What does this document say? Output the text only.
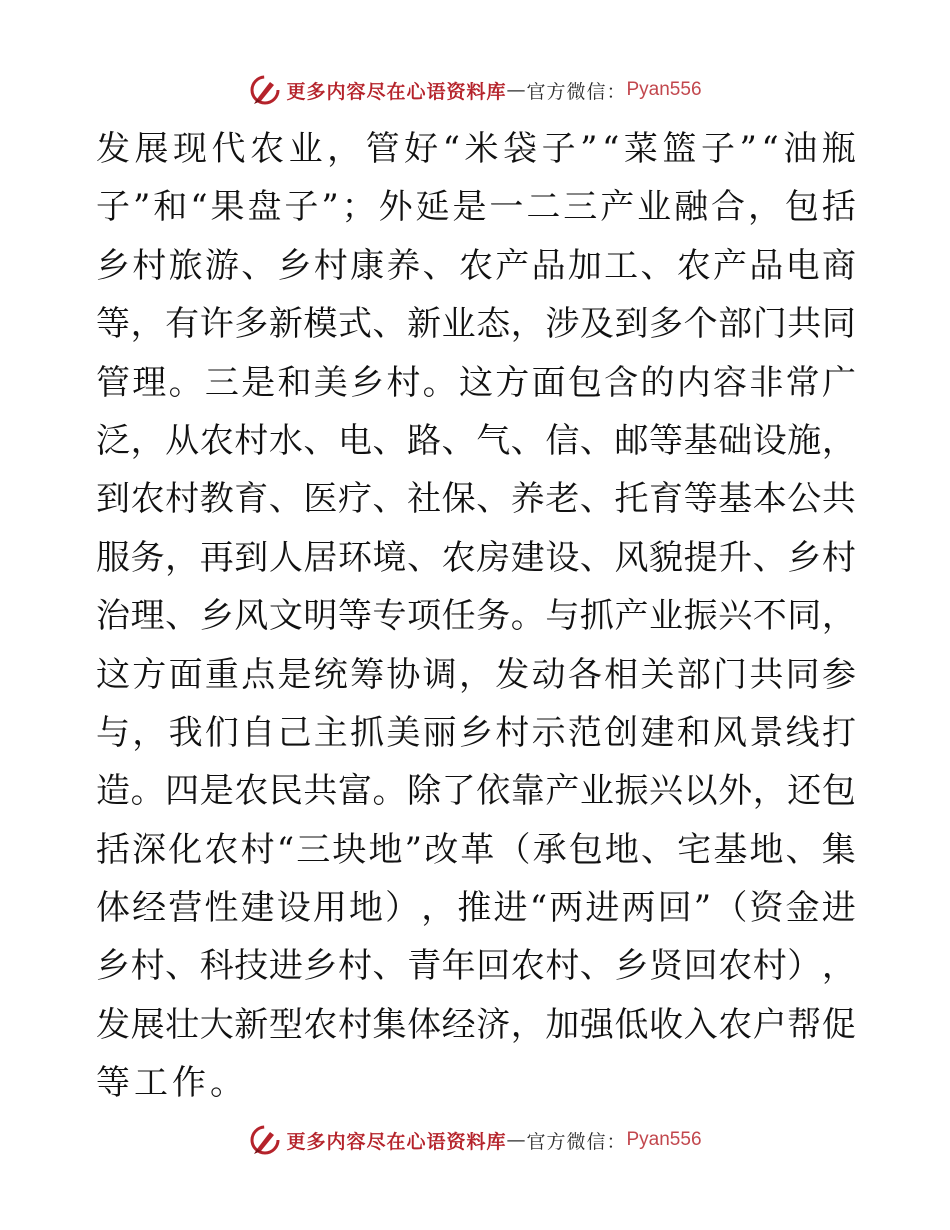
更多内容尽在心语资料库 — 官方微信： Pyan556
发 展 现 代 农 业 ， 管 好 “ 米 袋 子 ” “ 菜 篮 子 ” “ 油 瓶
子 ” 和 “ 果 盘 子 ” ； 外 延 是 一 二 三 产 业 融 合 ， 包 括
乡 村 旅 游 、 乡 村 康 养 、 农 产 品 加 工 、 农 产 品 电 商
等 ， 有 许 多 新 模 式 、 新 业 态 ， 涉 及 到 多 个 部 门 共 同
管 理 。 三 是 和 美 乡 村 。 这 方 面 包 含 的 内 容 非 常 广
泛 ， 从 农 村 水 、 电 、 路 、 气 、 信 、 邮 等 基 础 设 施 ，
到 农 村 教 育 、 医 疗 、 社 保 、 养 老 、 托 育 等 基 本 公 共
服 务 ， 再 到 人 居 环 境 、 农 房 建 设 、 风 貌 提 升 、 乡 村
治 理 、 乡 风 文 明 等 专 项 任 务 。 与 抓 产 业 振 兴 不 同 ，
这 方 面 重 点 是 统 筹 协 调 ， 发 动 各 相 关 部 门 共 同 参
与 ， 我 们 自 己 主 抓 美 丽 乡 村 示 范 创 建 和 风 景 线 打
造 。 四 是 农 民 共 富 。 除 了 依 靠 产 业 振 兴 以 外 ， 还 包
括 深 化 农 村 “ 三 块 地 ” 改 革 （ 承 包 地 、 宅 基 地 、 集
体 经 营 性 建 设 用 地 ） ， 推 进 “ 两 进 两 回 ” （ 资 金 进
乡 村 、 科 技 进 乡 村 、 青 年 回 农 村 、 乡 贤 回 农 村 ） ，
发 展 壮 大 新 型 农 村 集 体 经 济 ， 加 强 低 收 入 农 户 帮 促
等工作。
更多内容尽在心语资料库 — 官方微信： Pyan556
